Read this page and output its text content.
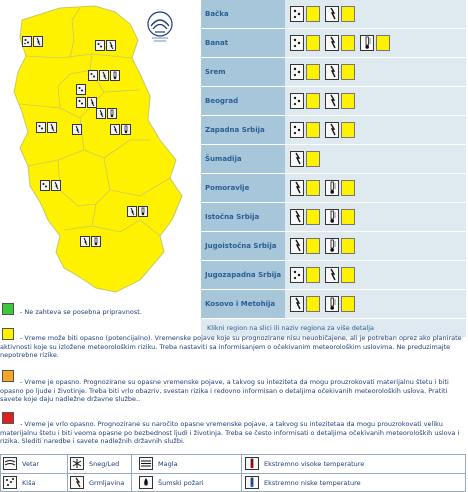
Bačka
Banat
Srem
Beograd
Zapadna Srbija
Šumadija
Pomoravlje
Istočna Srbija
Jugoistočna Srbija
Jugozapadna Srbija
Kosovo i Metohija
Klikni region na slici ili naziv regiona za više detalja
- Ne zahteva se posebna pripravnost.
- Vreme može biti opasno (potencijalno). Vremenske pojave koje su prognozirane nisu neuobičajene, ali je potreban oprez ako planirate aktivnosti koje su izložene meteorološkim riziku. Treba nastaviti sa informisanjem o očekivanim meteorološkim uslovima. Ne preduzimajte nepotrebne rizike.
- Vreme je opasno. Prognozirane su opasne vremenske pojave, a takvog su intezitetа da mogu prouzrokovati materijalnu štetu i biti opasno po ljude i životinje. Treba biti vrlo obazriv, svestan rizika i redovno informisan o detaljima očekivanih meteoroloških uslova. Pratiti savete koje daju nadležne državne službe..
- Vreme je vrlo opasno. Prognozirane su naročito opasne vremenske pojave, a takvog su intezitetaa da mogu prouzrokovati veliku materijalnu štetu i biti veoma opasne po bezbednost ljudi i životinja. Treba se često informisati o detaljima očekivanih meteoroloških uslova i rizika. Slediti naredbe i savete nadležnih državnih službi.
Vetar
Kiša
Sneg/Led
Grmljavina
Magla
Šumski požari
Ekstremno visoke temperature
Ekstremno niske temperature
